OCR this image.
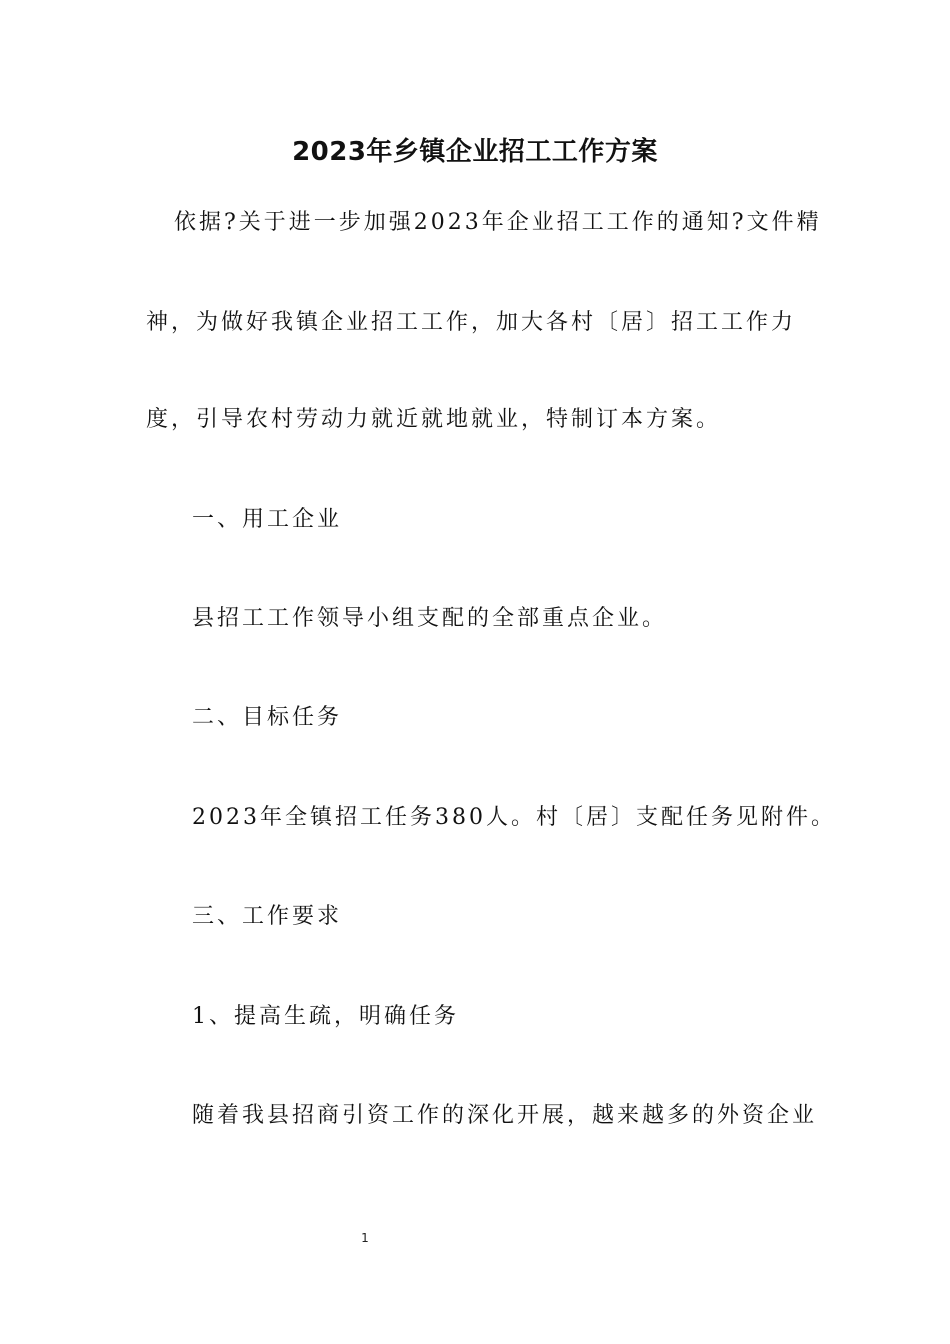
2023年乡镇企业招工工作方案
依据?关于进一步加强2023年企业招工工作的通知?文件精
神，为做好我镇企业招工工作，加大各村〔居〕招工工作力
度，引导农村劳动力就近就地就业，特制订本方案。
一、用工企业
县招工工作领导小组支配的全部重点企业。
二、目标任务
2023年全镇招工任务380人。村〔居〕支配任务见附件。
三、工作要求
1、提高生疏，明确任务
随着我县招商引资工作的深化开展，越来越多的外资企业
1
